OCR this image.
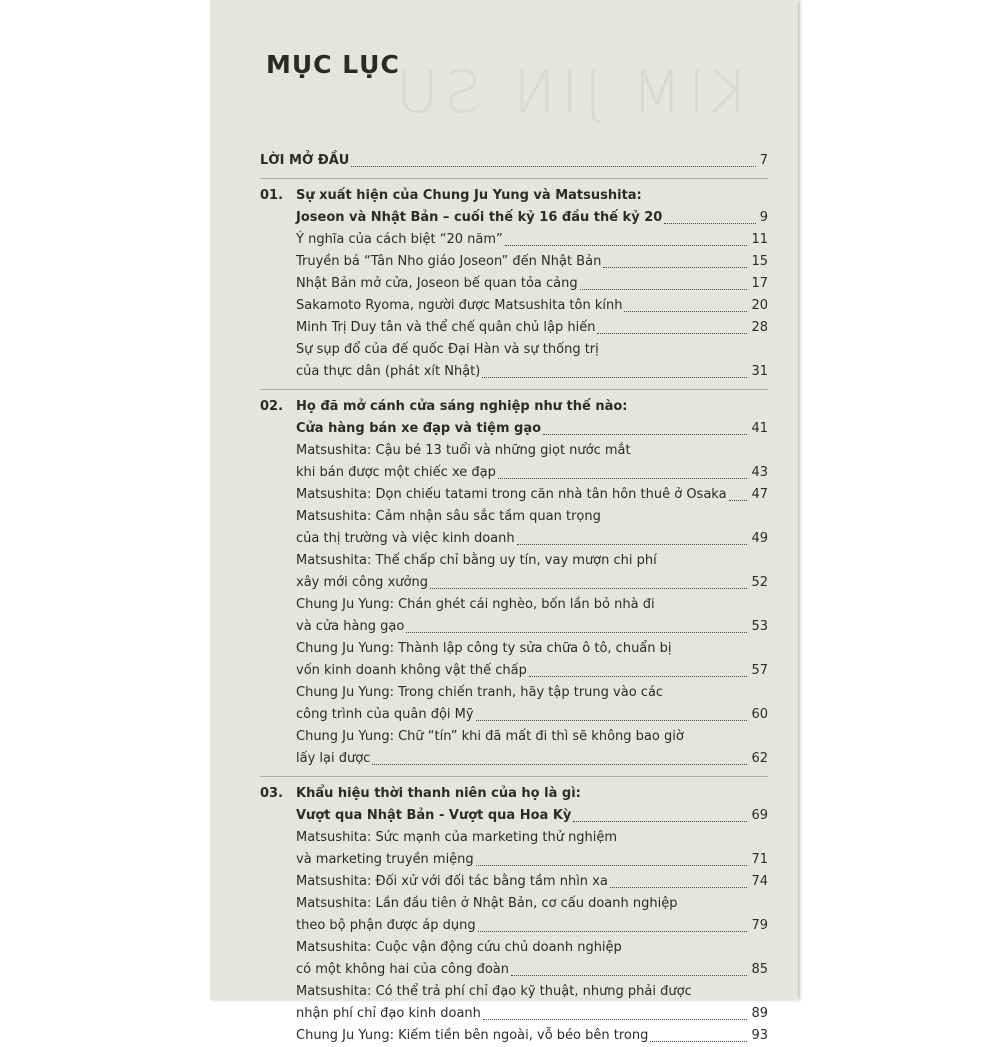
KIM JIN SU
MỤC LỤC
LỜI MỞ ĐẦU	7
01. Sự xuất hiện của Chung Ju Yung và Matsushita:
Joseon và Nhật Bản – cuối thế kỷ 16 đầu thế kỷ 20	9
Ý nghĩa của cách biệt “20 năm”	11
Truyền bá “Tân Nho giáo Joseon” đến Nhật Bản	15
Nhật Bản mở cửa, Joseon bế quan tỏa cảng	17
Sakamoto Ryoma, người được Matsushita tôn kính	20
Minh Trị Duy tân và thể chế quân chủ lập hiến	28
Sự sụp đổ của đế quốc Đại Hàn và sự thống trị
của thực dân (phát xít Nhật)	31
02. Họ đã mở cánh cửa sáng nghiệp như thế nào:
Cửa hàng bán xe đạp và tiệm gạo	41
Matsushita: Cậu bé 13 tuổi và những giọt nước mắt
khi bán được một chiếc xe đạp	43
Matsushita: Dọn chiếu tatami trong căn nhà tân hôn thuê ở Osaka 47
Matsushita: Cảm nhận sâu sắc tầm quan trọng
của thị trường và việc kinh doanh	49
Matsushita: Thế chấp chỉ bằng uy tín, vay mượn chi phí
xây mới công xưởng	52
Chung Ju Yung: Chán ghét cái nghèo, bốn lần bỏ nhà đi
và cửa hàng gạo	53
Chung Ju Yung: Thành lập công ty sửa chữa ô tô, chuẩn bị
vốn kinh doanh không vật thế chấp	57
Chung Ju Yung: Trong chiến tranh, hãy tập trung vào các
công trình của quân đội Mỹ	60
Chung Ju Yung: Chữ “tín” khi đã mất đi thì sẽ không bao giờ
lấy lại được	62
03. Khẩu hiệu thời thanh niên của họ là gì:
Vượt qua Nhật Bản - Vượt qua Hoa Kỳ	69
Matsushita: Sức mạnh của marketing thử nghiệm
và marketing truyền miệng	71
Matsushita: Đối xử với đối tác bằng tầm nhìn xa	74
Matsushita: Lần đầu tiên ở Nhật Bản, cơ cấu doanh nghiệp
theo bộ phận được áp dụng	79
Matsushita: Cuộc vận động cứu chủ doanh nghiệp
có một không hai của công đoàn	85
Matsushita: Có thể trả phí chỉ đạo kỹ thuật, nhưng phải được
nhận phí chỉ đạo kinh doanh	89
Chung Ju Yung: Kiếm tiền bên ngoài, vỗ béo bên trong	93
